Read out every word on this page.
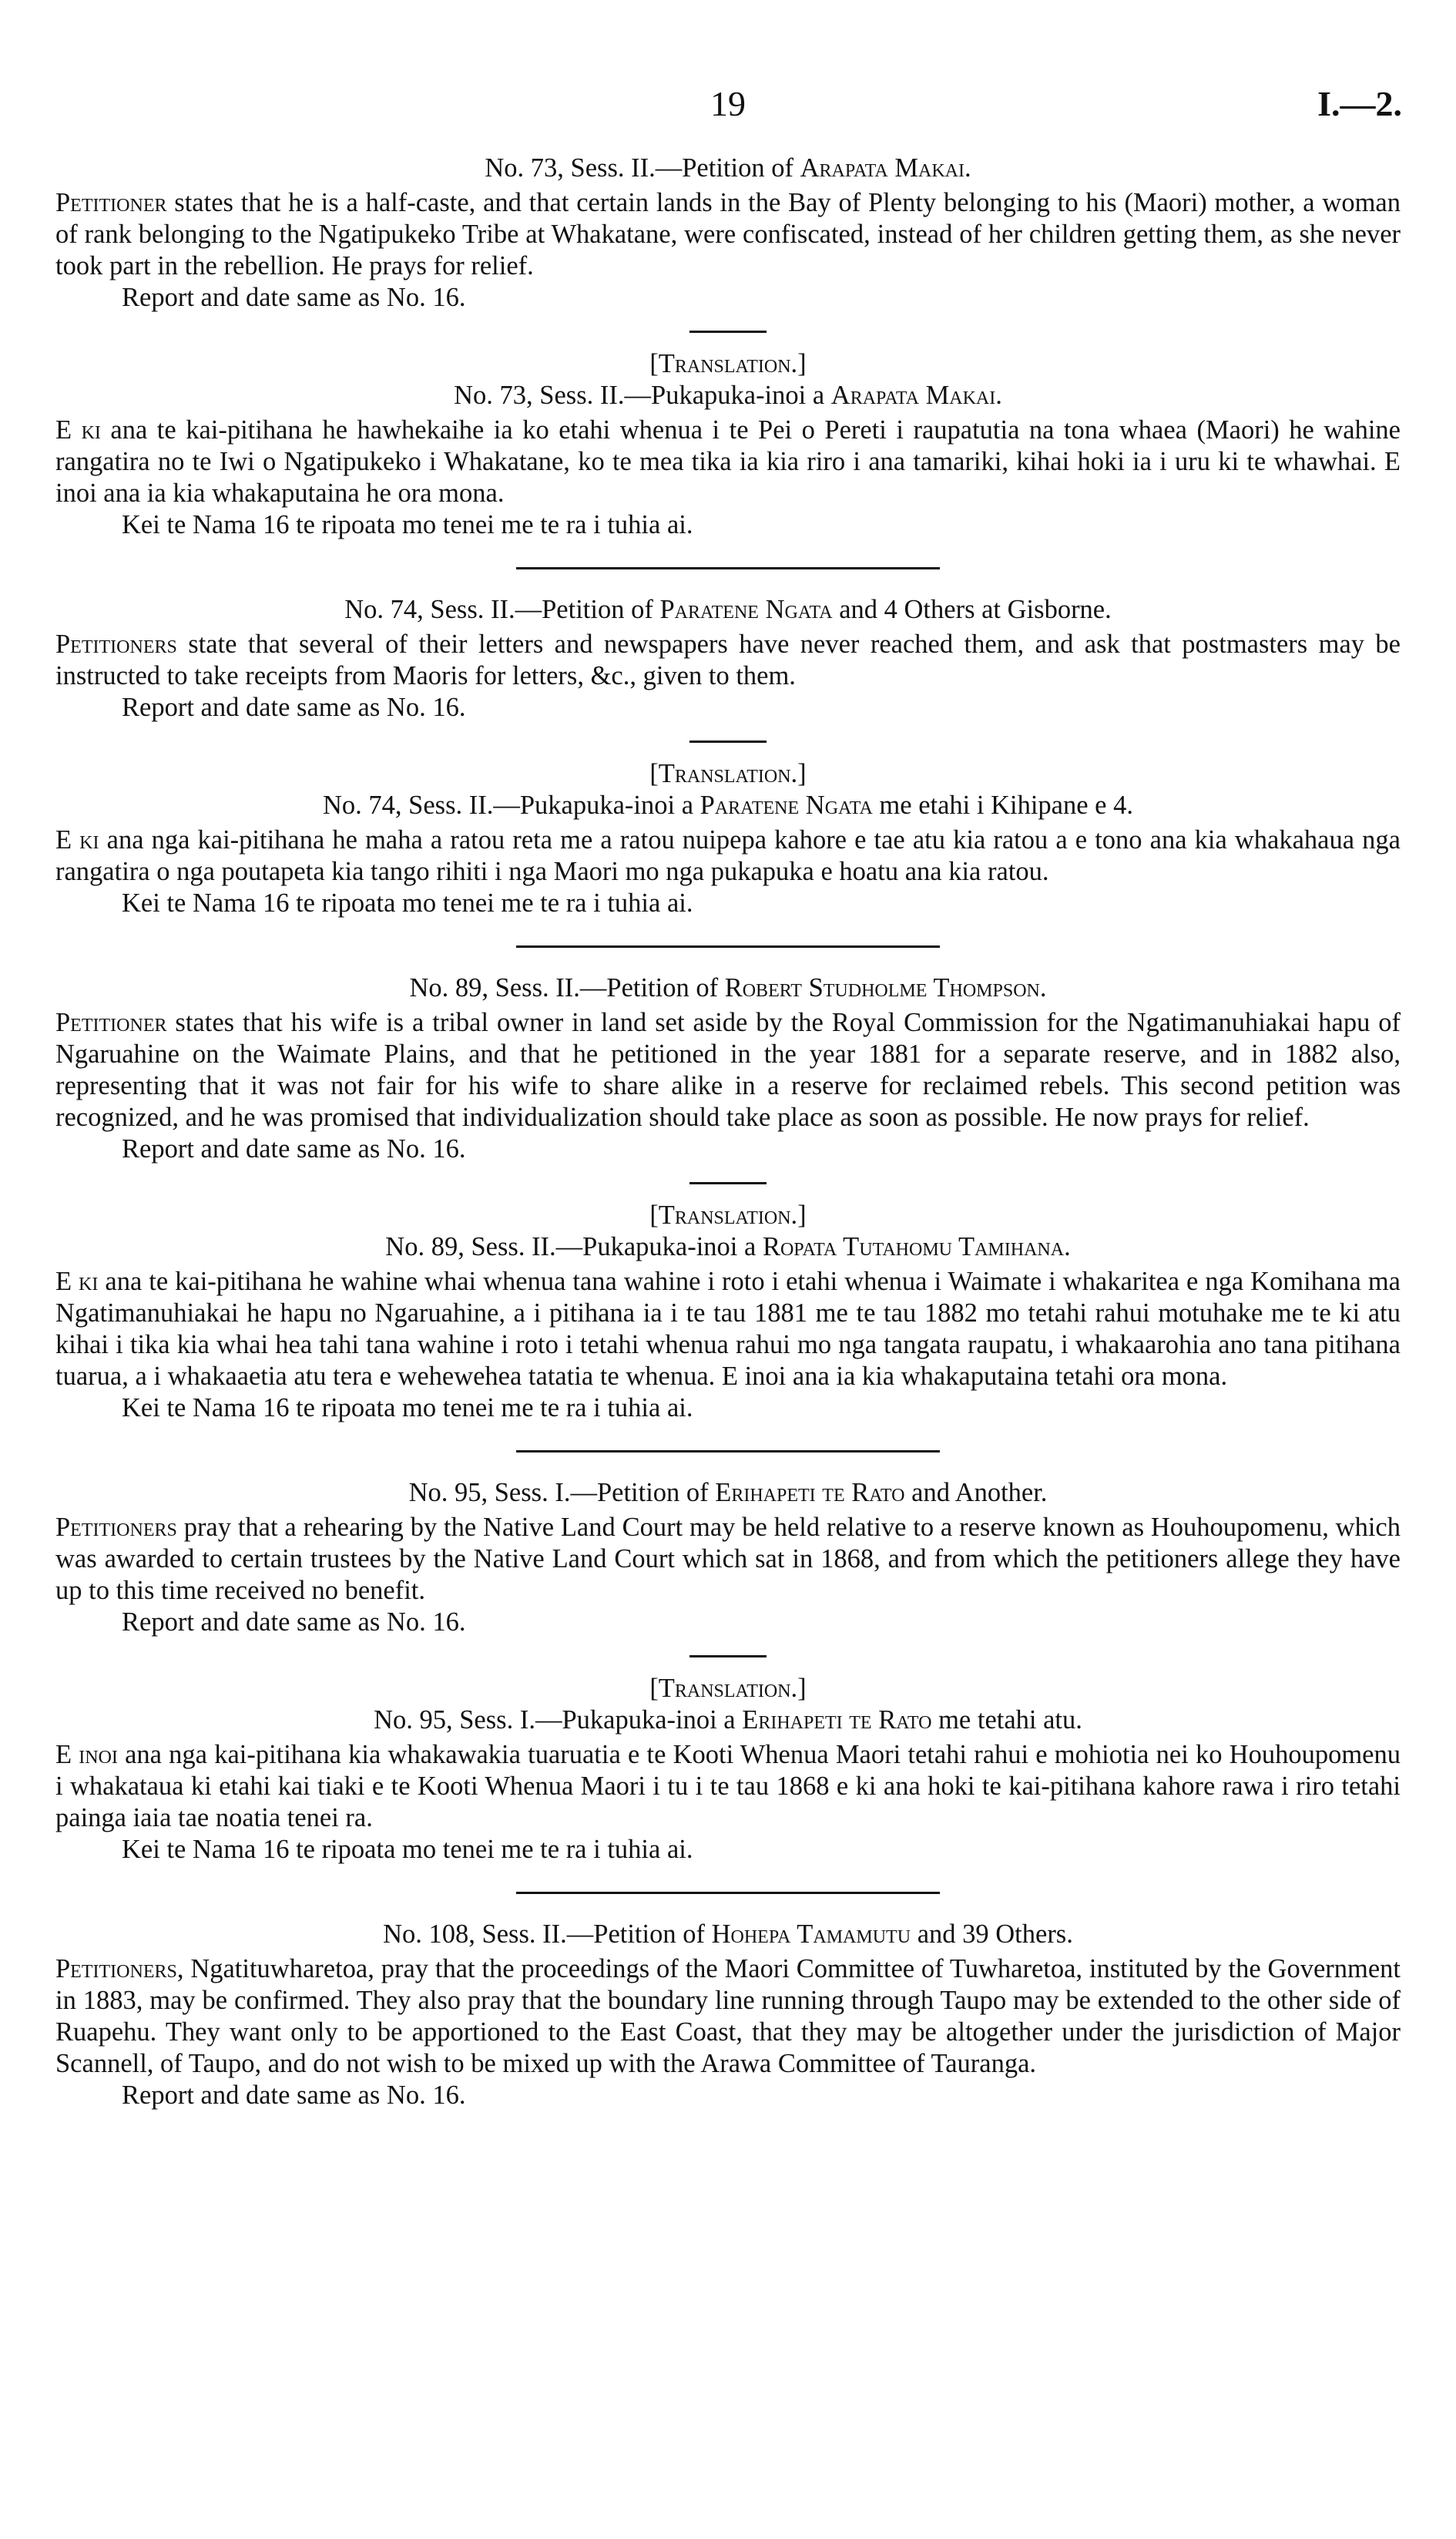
19	I.—2.
No. 73, Sess. II.—Petition of Arapata Makai.

Petitioner states that he is a half-caste, and that certain lands in the Bay of Plenty belonging to his (Maori) mother, a woman of rank belonging to the Ngatipukeko Tribe at Whakatane, were confiscated, instead of her children getting them, as she never took part in the rebellion. He prays for relief.

Report and date same as No. 16.

[Translation.]
No. 73, Sess. II.—Pukapuka-inoi a Arapata Makai.

E ki ana te kai-pitihana he hawhekaihe ia ko etahi whenua i te Pei o Pereti i raupatutia na tona whaea (Maori) he wahine rangatira no te Iwi o Ngatipukeko i Whakatane, ko te mea tika ia kia riro i ana tamariki, kihai hoki ia i uru ki te whawhai. E inoi ana ia kia whakaputaina he ora mona.

Kei te Nama 16 te ripoata mo tenei me te ra i tuhia ai.

No. 74, Sess. II.—Petition of Paratene Ngata and 4 Others at Gisborne.

Petitioners state that several of their letters and newspapers have never reached them, and ask that postmasters may be instructed to take receipts from Maoris for letters, &c., given to them.

Report and date same as No. 16.

[Translation.]
No. 74, Sess. II.—Pukapuka-inoi a Paratene Ngata me etahi i Kihipane e 4.

E ki ana nga kai-pitihana he maha a ratou reta me a ratou nuipepa kahore e tae atu kia ratou a e tono ana kia whakahaua nga rangatira o nga poutapeta kia tango rihiti i nga Maori mo nga pukapuka e hoatu ana kia ratou.

Kei te Nama 16 te ripoata mo tenei me te ra i tuhia ai.

No. 89, Sess. II.—Petition of Robert Studholme Thompson.

Petitioner states that his wife is a tribal owner in land set aside by the Royal Commission for the Ngatimanuhiakai hapu of Ngaruahine on the Waimate Plains, and that he petitioned in the year 1881 for a separate reserve, and in 1882 also, representing that it was not fair for his wife to share alike in a reserve for reclaimed rebels. This second petition was recognized, and he was promised that individualization should take place as soon as possible. He now prays for relief.

Report and date same as No. 16.

[Translation.]
No. 89, Sess. II.—Pukapuka-inoi a Ropata Tutahomu Tamihana.

E ki ana te kai-pitihana he wahine whai whenua tana wahine i roto i etahi whenua i Waimate i whakaritea e nga Komihana ma Ngatimanuhiakai he hapu no Ngaruahine, a i pitihana ia i te tau 1881 me te tau 1882 mo tetahi rahui motuhake me te ki atu kihai i tika kia whai hea tahi tana wahine i roto i tetahi whenua rahui mo nga tangata raupatu, i whakaarohia ano tana pitihana tuarua, a i whakaaetia atu tera e wehewehea tatatia te whenua. E inoi ana ia kia whakaputaina tetahi ora mona.

Kei te Nama 16 te ripoata mo tenei me te ra i tuhia ai.

No. 95, Sess. I.—Petition of Erihapeti te Rato and Another.

Petitioners pray that a rehearing by the Native Land Court may be held relative to a reserve known as Houhoupomenu, which was awarded to certain trustees by the Native Land Court which sat in 1868, and from which the petitioners allege they have up to this time received no benefit.

Report and date same as No. 16.

[Translation.]
No. 95, Sess. I.—Pukapuka-inoi a Erihapeti te Rato me tetahi atu.

E inoi ana nga kai-pitihana kia whakawakia tuaruatia e te Kooti Whenua Maori tetahi rahui e mohiotia nei ko Houhoupomenu i whakataua ki etahi kai tiaki e te Kooti Whenua Maori i tu i te tau 1868 e ki ana hoki te kai-pitihana kahore rawa i riro tetahi painga iaia tae noatia tenei ra.

Kei te Nama 16 te ripoata mo tenei me te ra i tuhia ai.

No. 108, Sess. II.—Petition of Hohepa Tamamutu and 39 Others.

Petitioners, Ngatituwharetoa, pray that the proceedings of the Maori Committee of Tuwharetoa, instituted by the Government in 1883, may be confirmed. They also pray that the boundary line running through Taupo may be extended to the other side of Ruapehu. They want only to be apportioned to the East Coast, that they may be altogether under the jurisdiction of Major Scannell, of Taupo, and do not wish to be mixed up with the Arawa Committee of Tauranga.

Report and date same as No. 16.
